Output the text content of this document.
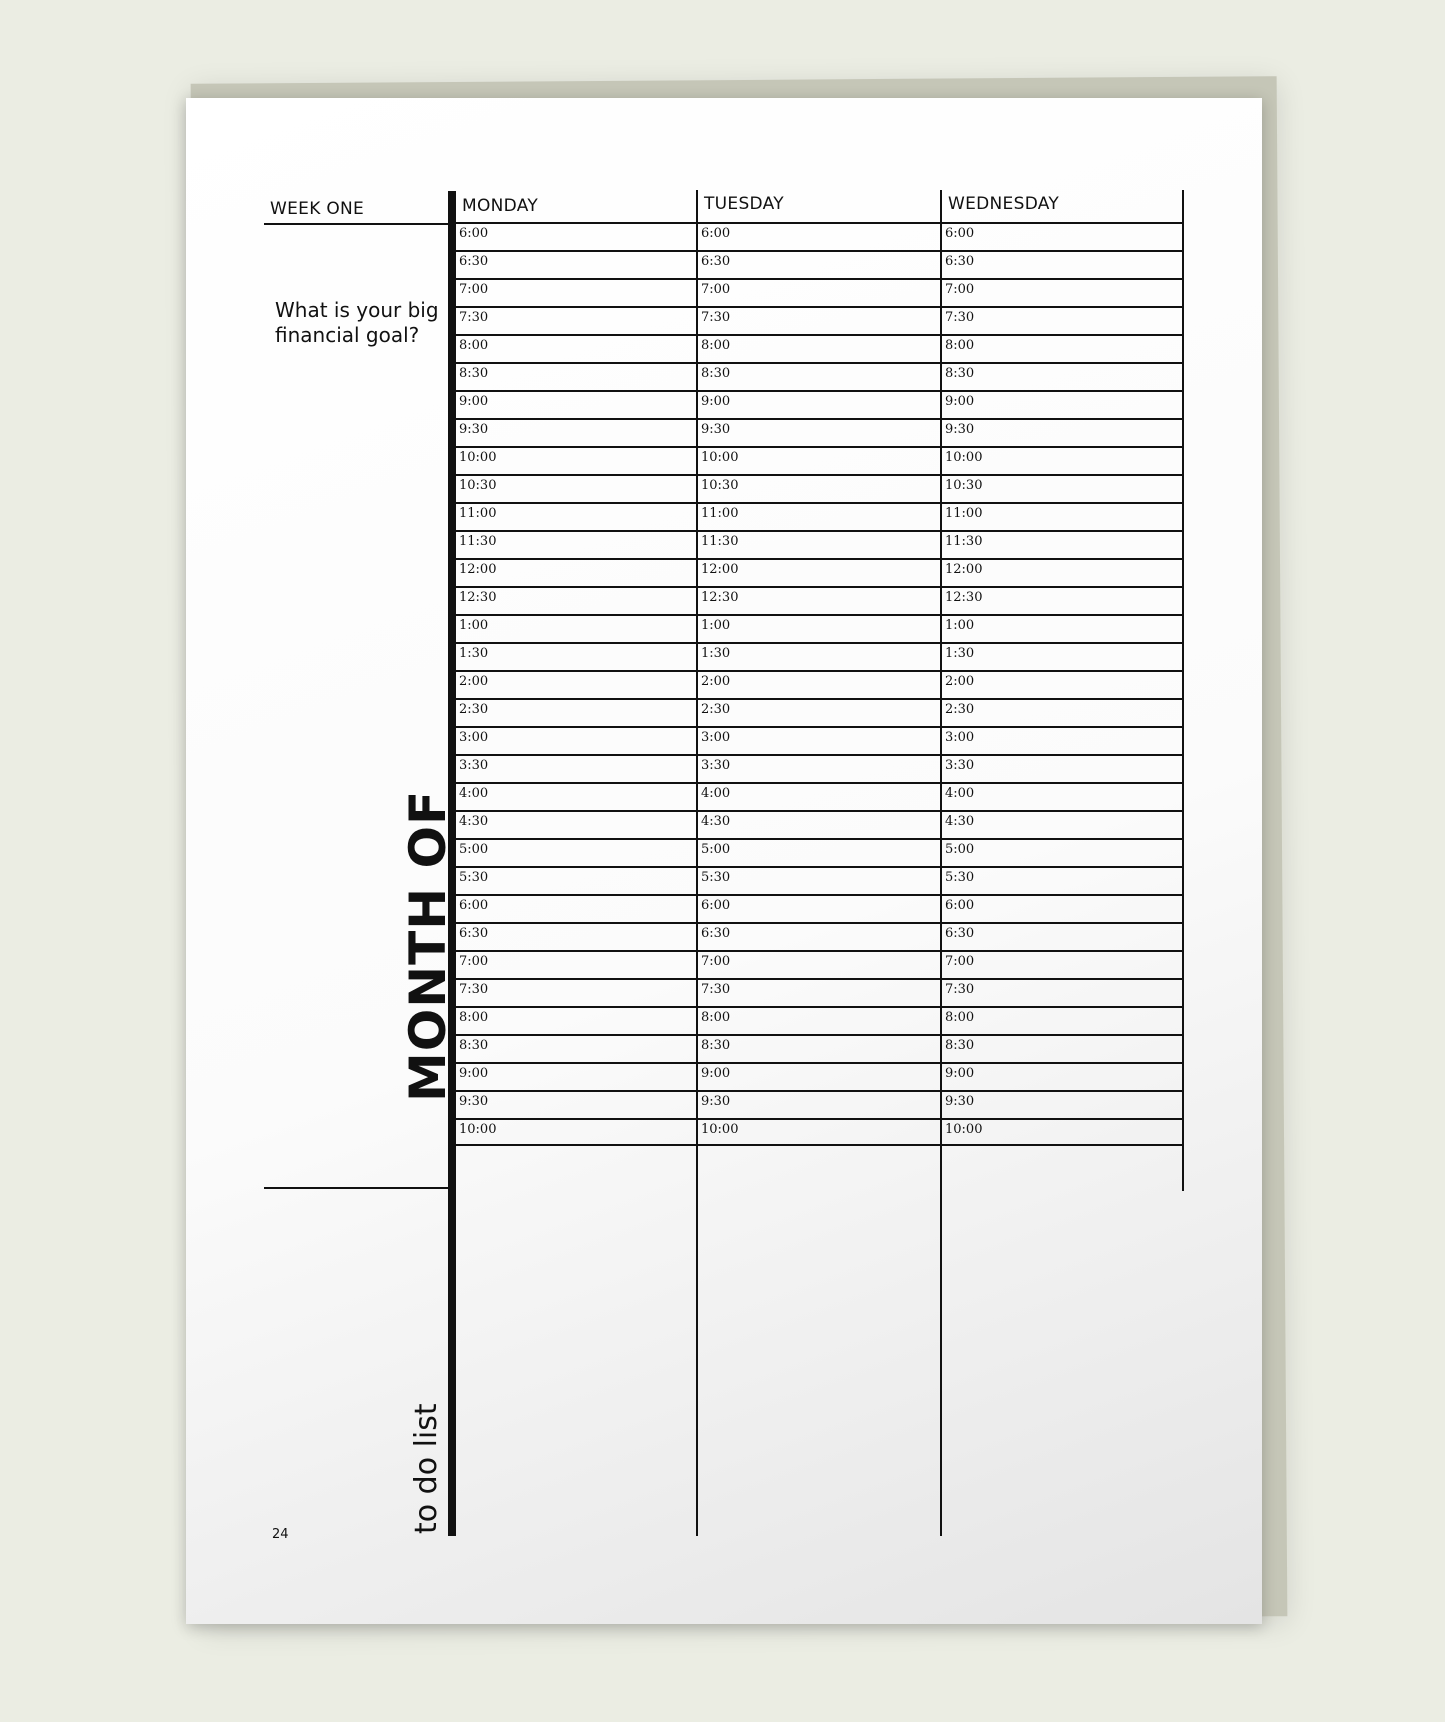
WEEK ONE
What is your big financial goal?
MONTH OF
to do list
24
MONDAY
6:00
6:30
7:00
7:30
8:00
8:30
9:00
9:30
10:00
10:30
11:00
11:30
12:00
12:30
1:00
1:30
2:00
2:30
3:00
3:30
4:00
4:30
5:00
5:30
6:00
6:30
7:00
7:30
8:00
8:30
9:00
9:30
10:00
TUESDAY
6:00
6:30
7:00
7:30
8:00
8:30
9:00
9:30
10:00
10:30
11:00
11:30
12:00
12:30
1:00
1:30
2:00
2:30
3:00
3:30
4:00
4:30
5:00
5:30
6:00
6:30
7:00
7:30
8:00
8:30
9:00
9:30
10:00
WEDNESDAY
6:00
6:30
7:00
7:30
8:00
8:30
9:00
9:30
10:00
10:30
11:00
11:30
12:00
12:30
1:00
1:30
2:00
2:30
3:00
3:30
4:00
4:30
5:00
5:30
6:00
6:30
7:00
7:30
8:00
8:30
9:00
9:30
10:00
